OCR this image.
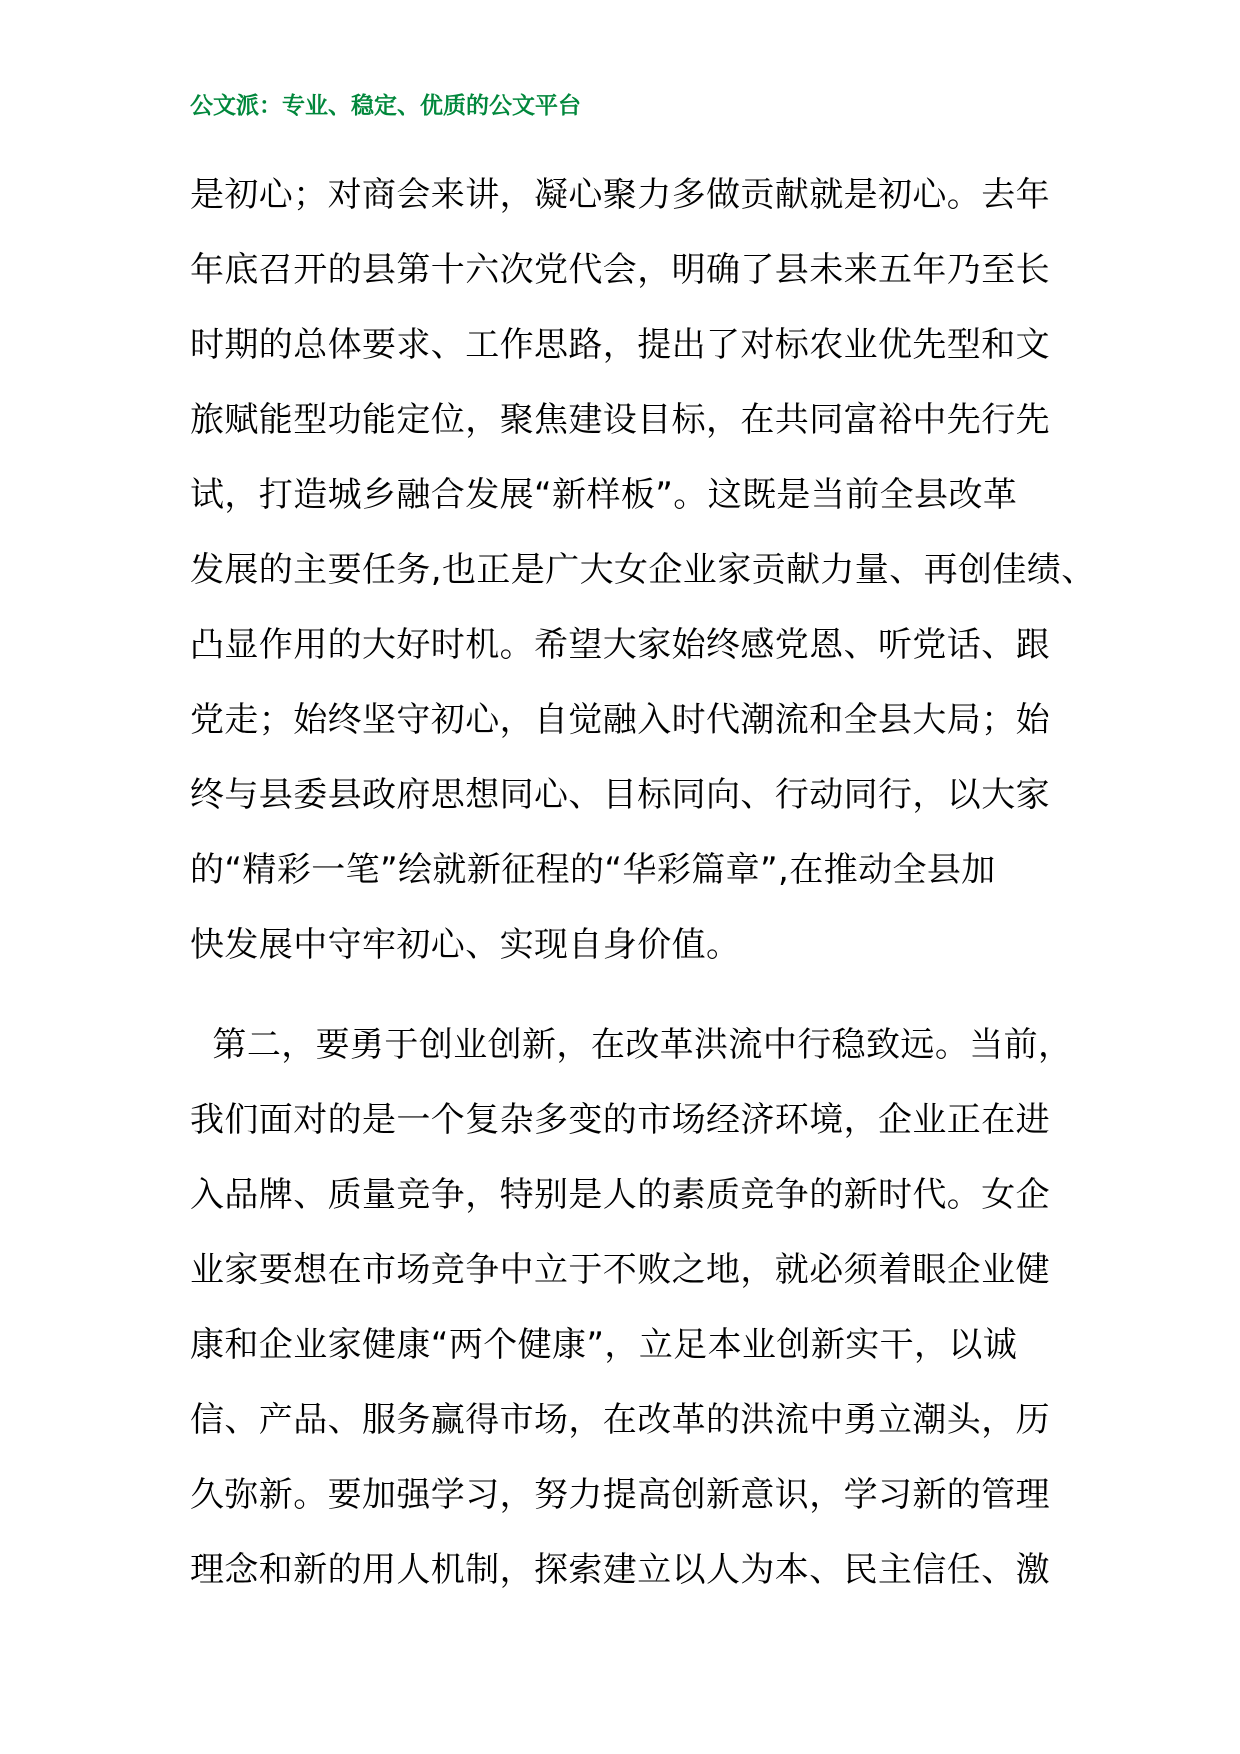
公文派：专业、稳定、优质的公文平台
是初心；对商会来讲，凝心聚力多做贡献就是初心。去年
年底召开的县第十六次党代会，明确了县未来五年乃至长
时期的总体要求、工作思路，提出了对标农业优先型和文
旅赋能型功能定位，聚焦建设目标，在共同富裕中先行先
试，打造城乡融合发展“新样板”。这既是当前全县改革
发展的主要任务,也正是广大女企业家贡献力量、再创佳绩、
凸显作用的大好时机。希望大家始终感党恩、听党话、跟
党走；始终坚守初心，自觉融入时代潮流和全县大局；始
终与县委县政府思想同心、目标同向、行动同行，以大家
的“精彩一笔”绘就新征程的“华彩篇章”,在推动全县加
快发展中守牢初心、实现自身价值。
第二，要勇于创业创新，在改革洪流中行稳致远。当前，
我们面对的是一个复杂多变的市场经济环境，企业正在进
入品牌、质量竞争，特别是人的素质竞争的新时代。女企
业家要想在市场竞争中立于不败之地，就必须着眼企业健
康和企业家健康“两个健康”，立足本业创新实干，以诚
信、产品、服务赢得市场，在改革的洪流中勇立潮头，历
久弥新。要加强学习，努力提高创新意识，学习新的管理
理念和新的用人机制，探索建立以人为本、民主信任、激
